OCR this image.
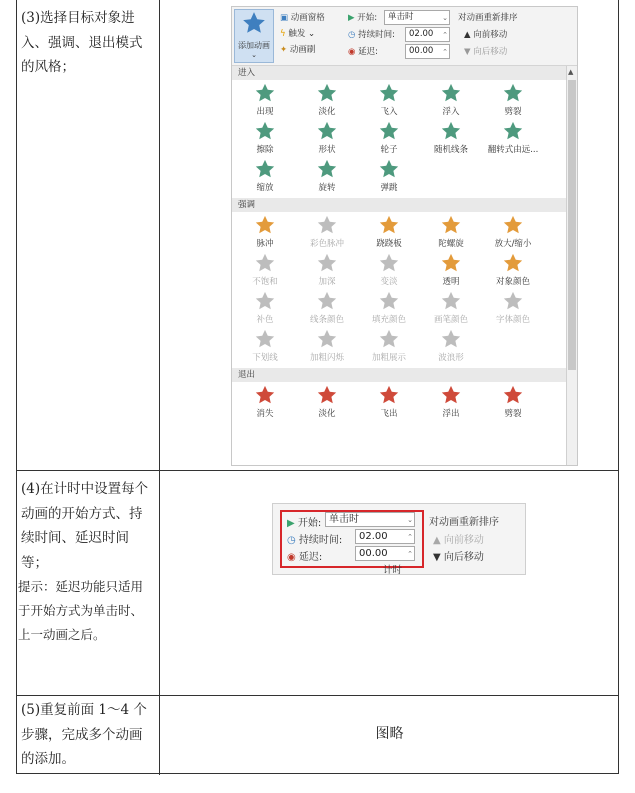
(3)选择目标对象进入、强调、退出模式的风格；
添加动画
⌄
▣ 动画窗格
ϟ 触发 ⌄
✦ 动画刷
▶ 开始:	单击时	⌄
◷ 持续时间:	02.00 ⌃
◉ 延迟:	00.00 ⌃
对动画重新排序
▲ 向前移动
▼ 向后移动
进入
出现	淡化	飞入	浮入	劈裂
擦除	形状	轮子	随机线条	翻转式由远...
缩放	旋转	弹跳
强调
脉冲	彩色脉冲	跷跷板	陀螺旋	放大/缩小
不饱和	加深	变淡	透明	对象颜色
补色	线条颜色	填充颜色	画笔颜色	字体颜色
下划线	加粗闪烁	加粗展示	波浪形
退出
消失	淡化	飞出	浮出	劈裂
▲
(4)在计时中设置每个动画的开始方式、持续时间、延迟时间等；
提示：延迟功能只适用于开始方式为单击时、上一动画之后。
▶ 开始: 单击时	⌄
◷ 持续时间:	02.00	⌃
◉ 延迟:	00.00	⌃
对动画重新排序
▲ 向前移动
▼ 向后移动
计时
(5)重复前面 1～4 个步骤，完成多个动画的添加。
图略
